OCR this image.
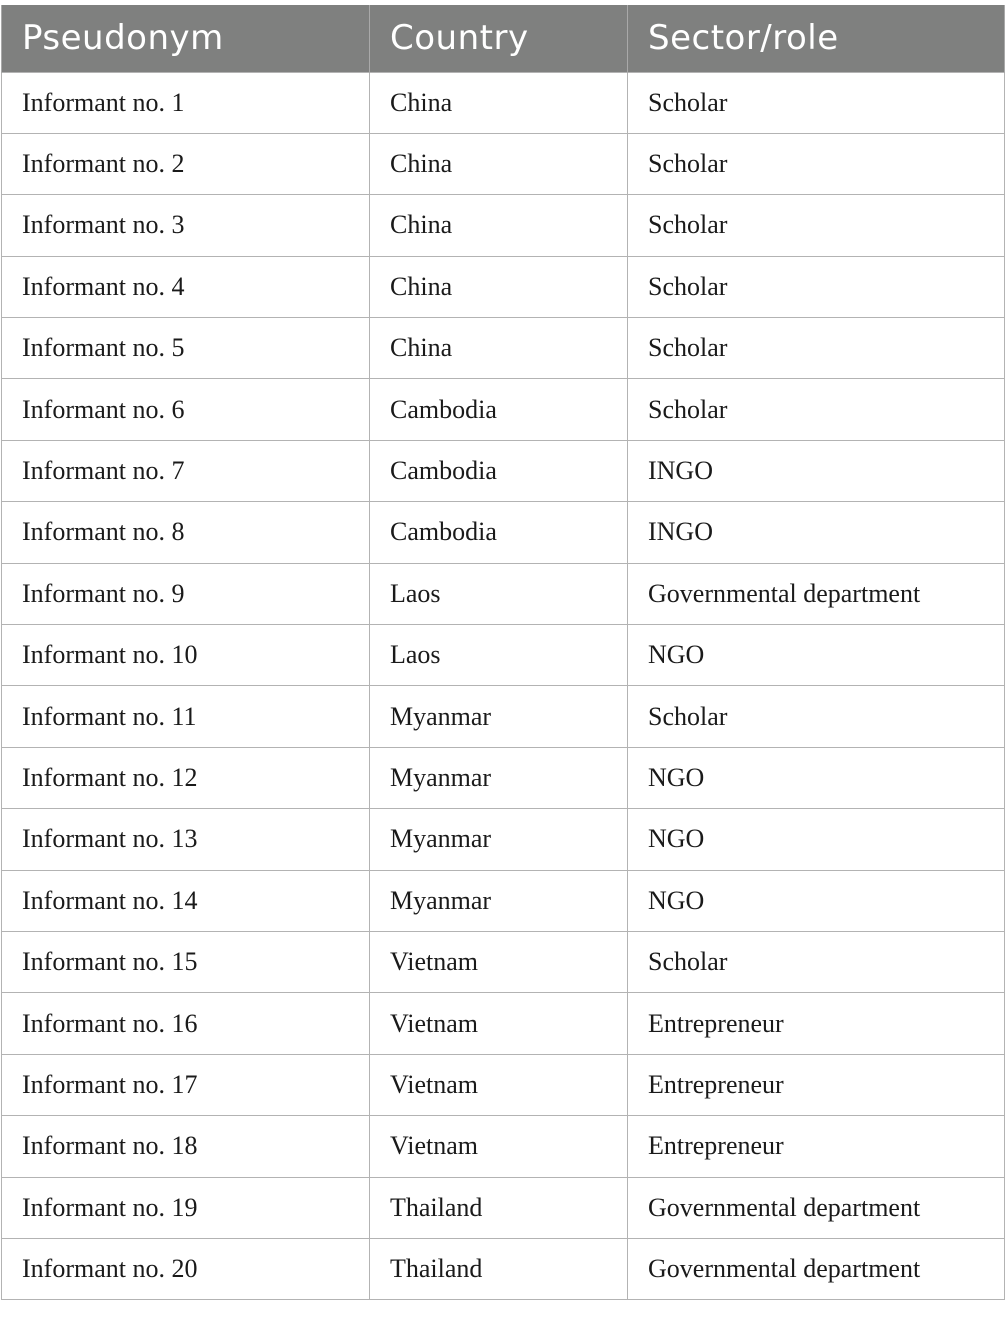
Pseudonym	Country	Sector/role
Informant no. 1	China	Scholar
Informant no. 2	China	Scholar
Informant no. 3	China	Scholar
Informant no. 4	China	Scholar
Informant no. 5	China	Scholar
Informant no. 6	Cambodia	Scholar
Informant no. 7	Cambodia	INGO
Informant no. 8	Cambodia	INGO
Informant no. 9	Laos	Governmental department
Informant no. 10	Laos	NGO
Informant no. 11	Myanmar	Scholar
Informant no. 12	Myanmar	NGO
Informant no. 13	Myanmar	NGO
Informant no. 14	Myanmar	NGO
Informant no. 15	Vietnam	Scholar
Informant no. 16	Vietnam	Entrepreneur
Informant no. 17	Vietnam	Entrepreneur
Informant no. 18	Vietnam	Entrepreneur
Informant no. 19	Thailand	Governmental department
Informant no. 20	Thailand	Governmental department
